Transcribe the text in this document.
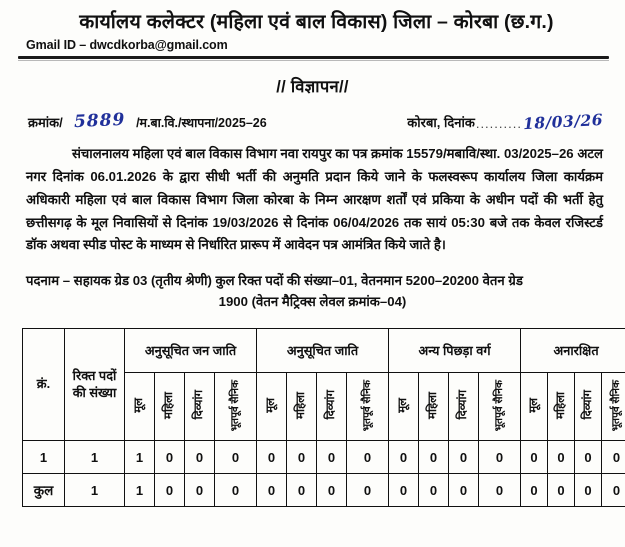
कार्यालय कलेक्टर (महिला एवं बाल विकास) जिला – कोरबा (छ.ग.)
Gmail ID – dwcdkorba@gmail.com
// विज्ञापन//
क्रमांक/ 5889 /म.बा.वि./स्थापना/2025–26	कोरबा, दिनांक .......... 18/03/26
संचालनालय महिला एवं बाल विकास विभाग नवा रायपुर का पत्र क्रमांक 15579/मबावि/स्था. 03/2025–26 अटल नगर दिनांक 06.01.2026 के द्वारा सीधी भर्ती की अनुमति प्रदान किये जाने के फलस्वरूप कार्यालय जिला कार्यक्रम अधिकारी महिला एवं बाल विकास विभाग जिला कोरबा के निम्न आरक्षण शर्तों एवं प्रकिया के अधीन पदों की भर्ती हेतु छत्तीसगढ़ के मूल निवासियों से दिनांक 19/03/2026 से दिनांक 06/04/2026 तक सायं 05:30 बजे तक केवल रजिस्टर्ड डॉक अथवा स्पीड पोस्ट के माध्यम से निर्धारित प्रारूप में आवेदन पत्र आमंत्रित किये जाते है।
पदनाम – सहायक ग्रेड 03 (तृतीय श्रेणी) कुल रिक्त पदों की संख्या–01, वेतनमान 5200–20200 वेतन ग्रेड
1900 (वेतन मैट्रिक्स लेवल क्रमांक–04)
क्रं.	रिक्त पदों की संख्या	अनुसूचित जन जाति				अनुसूचित जाति				अन्य पिछड़ा वर्ग				अनारक्षित			
		मूल	महिला	दिव्यांग	भूतपूर्व सैनिक	मूल	महिला	दिव्यांग	भूतपूर्व सैनिक	मूल	महिला	दिव्यांग	भूतपूर्व सैनिक	मूल	महिला	दिव्यांग	भूतपूर्व सैनिक
1	1	1	0	0	0	0	0	0	0	0	0	0	0	0	0	0	0
कुल	1	1	0	0	0	0	0	0	0	0	0	0	0	0	0	0	0
